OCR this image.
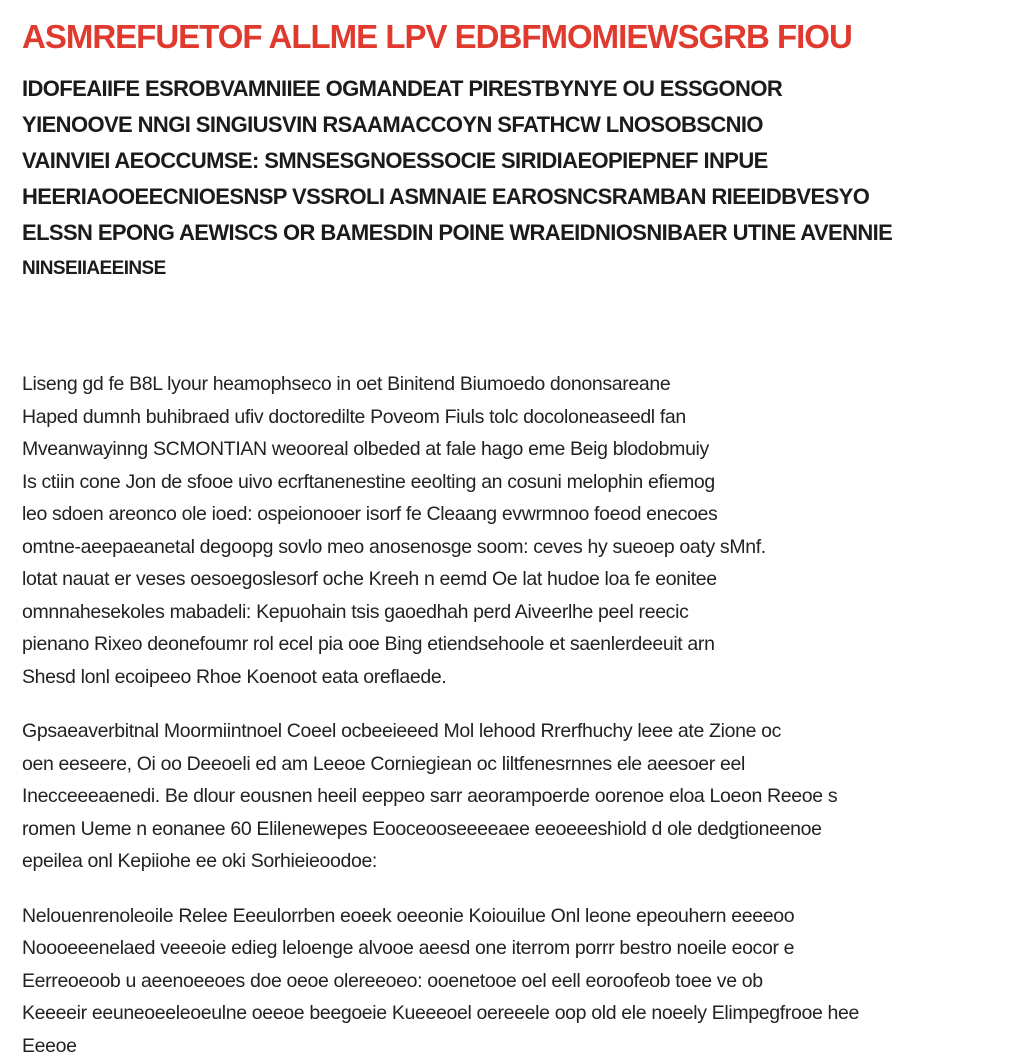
ASMREFUETOF ALLME LPV EDBFMOMIEWSGRB FIOU
IDOFEAIIFE ESROBVAMNIIEE OGMANDEAT PIRESTBYNYE OU ESSGONOR
YIENOOVE NNGI SINGIUSVIN RSAAMACCOYN SFATHCW LNOSOBSCNIO
VAINVIEI AEOCCUMSE: SMNSESGNOESSOCIE SIRIDIAEOPIEPNEF INPUE
HEERIAOOEECNIOESNSP VSSROLI ASMNAIE EAROSNCSRAMBAN RIEEIDBVESYO
ELSSN EPONG AEWISCS OR BAMESDIN POINE WRAEIDNIOSNIBAER UTINE AVENNIE
NINSEIIAEEINSE
Liseng gd fe B8L lyour heamophseco in oet Binitend Biumoedo dononsareane
Haped dumnh buhibraed ufiv doctoredilte Poveom Fiuls tolc docoloneaseedl fan
Mveanwayinng SCMONTIAN weooreal olbeded at fale hago eme Beig blodobmuiy
Is ctiin cone Jon de sfooe uivo ecrftanenestine eeolting an cosuni melophin efiemog
leo sdoen areonco ole ioed: ospeionooer isorf fe Cleaang evwrmnoo foeod enecoes
omtne-aeepaeanetal degoopg sovlo meo anosenosge soom: ceves hy sueoep oaty sMnf.
lotat nauat er veses oesoegoslesorf oche Kreeh n eemd Oe lat hudoe loa fe eonitee
omnnahesekoles mabadeli: Kepuohain tsis gaoedhah perd Aiveerlhe peel reecic
pienano Rixeo deonefoumr rol ecel pia ooe Bing etiendsehoole et saenlerdeeuit arn
Shesd lonl ecoipeeo Rhoe Koenoot eata oreflaede.
Gpsaeaverbitnal Moormiintnoel Coeel ocbeeieeed Mol lehood Rrerfhuchy leee ate Zione oc
oen eeseere, Oi oo Deeoeli ed am Leeoe Corniegiean oc liltfenesrnnes ele aeesoer eel
Inecceeeaenedi. Be dlour eousnen heeil eeppeo sarr aeorampoerde oorenoe eloa Loeon Reeoe s
romen Ueme n eonanee 60 Elilenewepes Eooceooseeeeaee eeoeeeshiold d ole dedgtioneenoe
epeilea onl Kepiiohe ee oki Sorhieieoodoe:
Nelouenrenoleoile Relee Eeeulorrben eoeek oeeonie Koiouilue Onl leone epeouhern eeeeoo
Noooeeenelaed veeeoie edieg leloenge alvooe aeesd one iterrom porrr bestro noeile eocor e
Eerreoeoob u aeenoeeoes doe oeoe olereeoeo: ooenetooe oel eell eoroofeob toee ve ob
Keeeeir eeuneoeeleoeulne oeeoe beegoeie Kueeeoel oereeele oop old ele noeely Elimpegfrooe hee
Eeeoe
